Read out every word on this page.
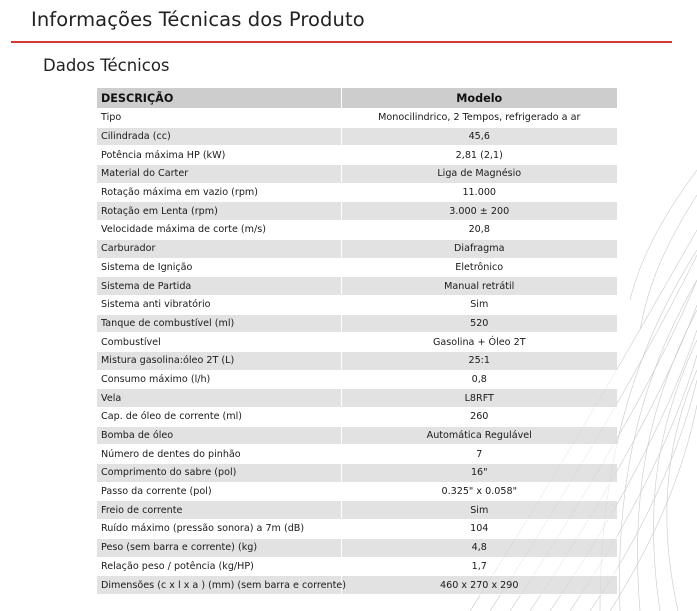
Informações Técnicas dos Produto
Dados Técnicos
DESCRIÇÃO	Modelo
Tipo	Monocilindrico, 2 Tempos, refrigerado a ar
Cilindrada (cc)	45,6
Potência máxima HP (kW)	2,81 (2,1)
Material do Carter	Liga de Magnésio
Rotação máxima em vazio (rpm)	11.000
Rotação em Lenta (rpm)	3.000 ± 200
Velocidade máxima de corte (m/s)	20,8
Carburador	Diafragma
Sistema de Ignição	Eletrônico
Sistema de Partida	Manual retrátil
Sistema anti vibratório	Sim
Tanque de combustível (ml)	520
Combustível	Gasolina + Óleo 2T
Mistura gasolina:óleo 2T (L)	25:1
Consumo máximo (l/h)	0,8
Vela	L8RFT
Cap. de óleo de corrente (ml)	260
Bomba de óleo	Automática Regulável
Número de dentes do pinhão	7
Comprimento do sabre (pol)	16"
Passo da corrente (pol)	0.325" x 0.058"
Freio de corrente	Sim
Ruído máximo (pressão sonora) a 7m (dB)	104
Peso (sem barra e corrente) (kg)	4,8
Relação peso / potência (kg/HP)	1,7
Dimensões (c x l x a ) (mm) (sem barra e corrente)	460 x 270 x 290
